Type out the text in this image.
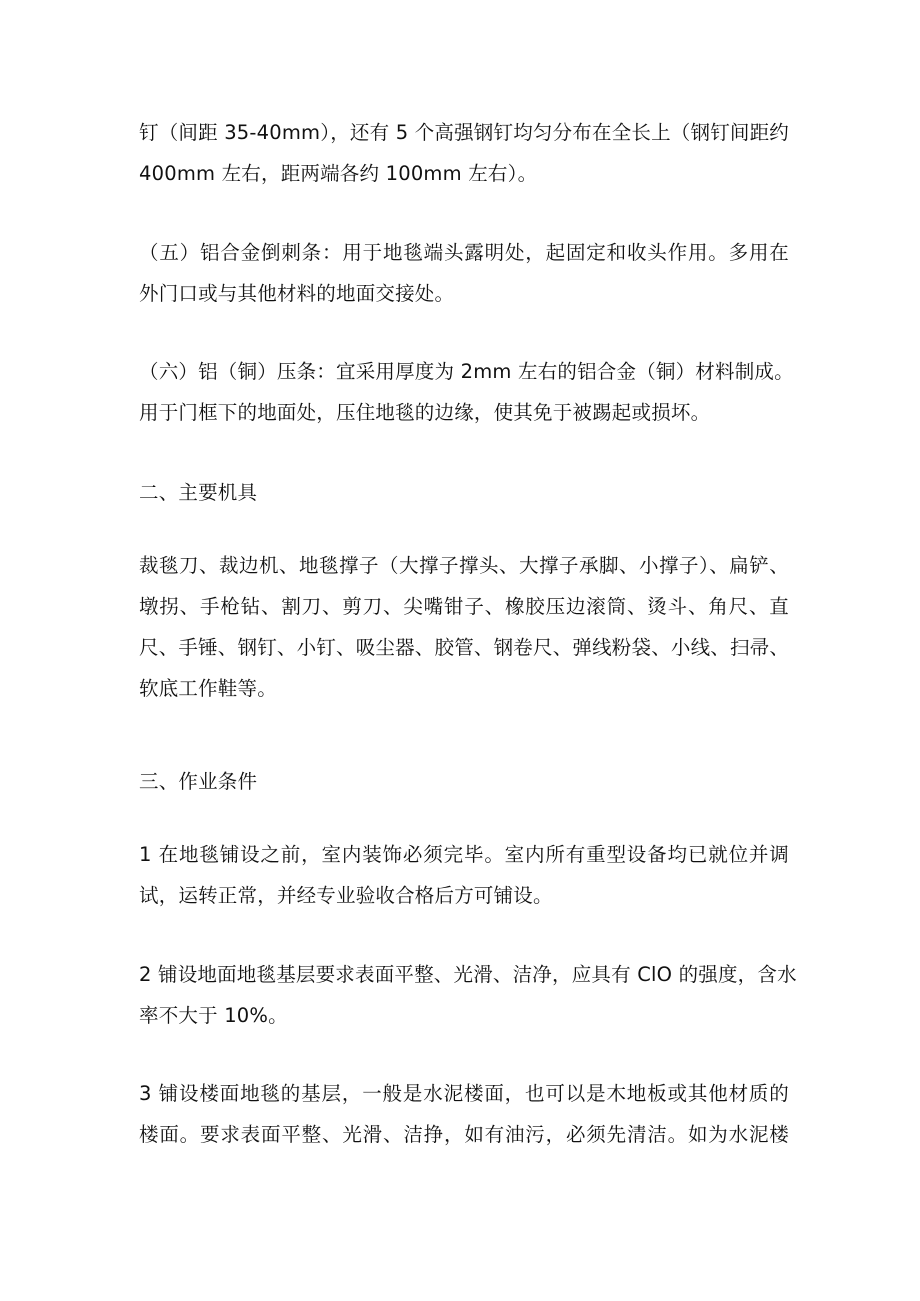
钉（间距 35-40mm），还有 5 个高强钢钉均匀分布在全长上（钢钉间距约
400mm 左右，距两端各约 100mm 左右）。
（五）铝合金倒刺条：用于地毯端头露明处，起固定和收头作用。多用在
外门口或与其他材料的地面交接处。
（六）铝（铜）压条：宜采用厚度为 2mm 左右的铝合金（铜）材料制成。
用于门框下的地面处，压住地毯的边缘，使其免于被踢起或损坏。
二、主要机具
裁毯刀、裁边机、地毯撑子（大撑子撑头、大撑子承脚、小撑子）、扁铲、
墩拐、手枪钻、割刀、剪刀、尖嘴钳子、橡胶压边滚筒、烫斗、角尺、直
尺、手锤、钢钉、小钉、吸尘器、胶管、钢卷尺、弹线粉袋、小线、扫帚、
软底工作鞋等。
三、作业条件
1 在地毯铺设之前，室内装饰必须完毕。室内所有重型设备均已就位并调
试，运转正常，并经专业验收合格后方可铺设。
2 铺设地面地毯基层要求表面平整、光滑、洁净，应具有 ClO 的强度，含水
率不大于 10%。
3 铺设楼面地毯的基层，一般是水泥楼面，也可以是木地板或其他材质的
楼面。要求表面平整、光滑、洁挣，如有油污，必须先清洁。如为水泥楼
